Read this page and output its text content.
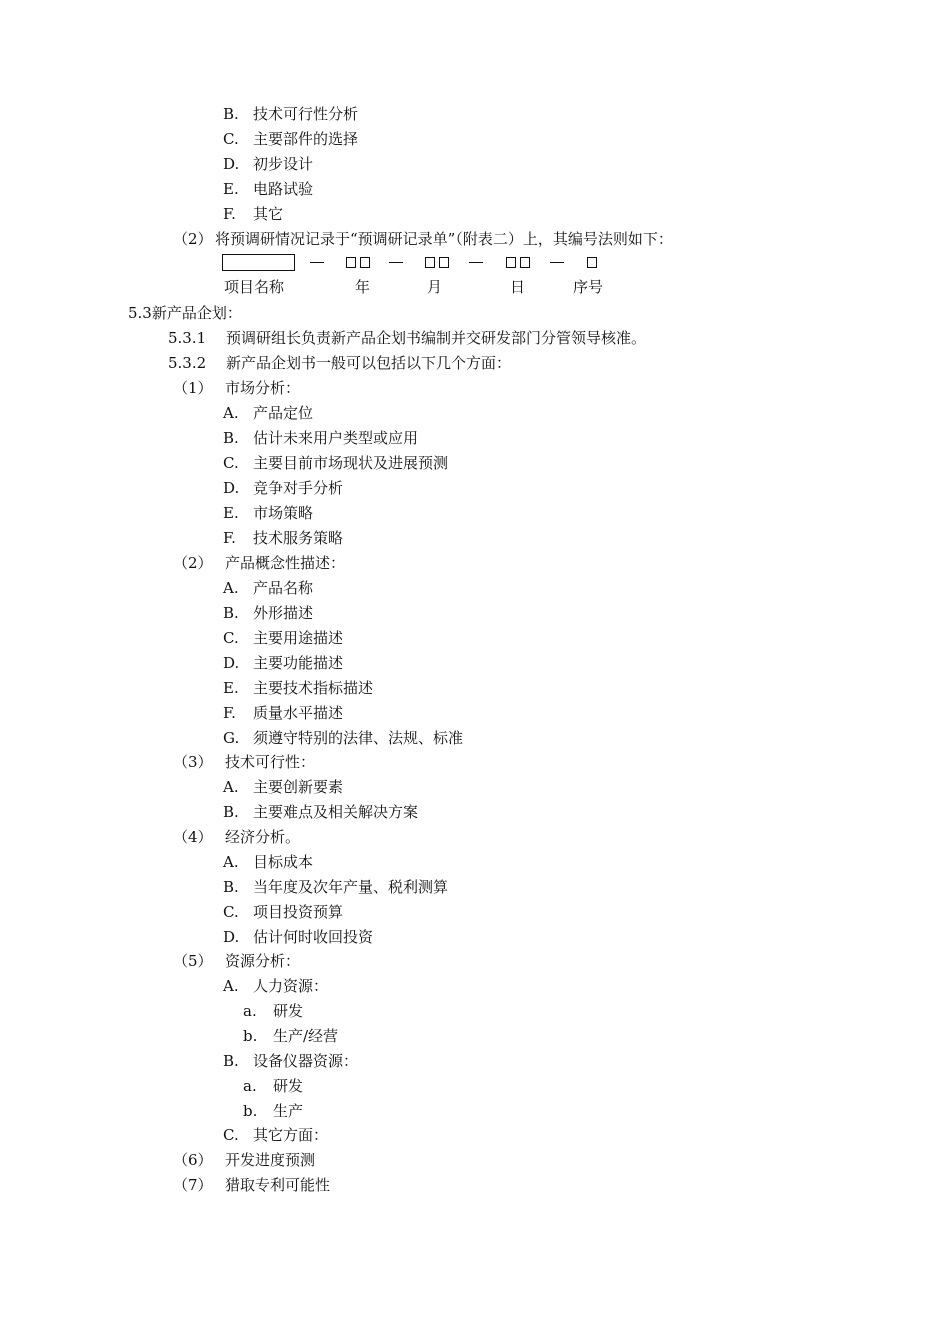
B. 技术可行性分析
C. 主要部件的选择
D. 初步设计
E. 电路试验
F. 其它
（2） 将预调研情况记录于“预调研记录单”（附表二）上，其编号法则如下：
项目名称	年	月	日	序号
5.3新产品企划：
5.3.1 预调研组长负责新产品企划书编制并交研发部门分管领导核准。
5.3.2 新产品企划书一般可以包括以下几个方面：
（1） 市场分析：
A. 产品定位
B. 估计未来用户类型或应用
C. 主要目前市场现状及进展预测
D. 竞争对手分析
E. 市场策略
F. 技术服务策略
（2） 产品概念性描述：
A. 产品名称
B. 外形描述
C. 主要用途描述
D. 主要功能描述
E. 主要技术指标描述
F. 质量水平描述
G. 须遵守特别的法律、法规、标准
（3） 技术可行性：
A. 主要创新要素
B. 主要难点及相关解决方案
（4） 经济分析。
A. 目标成本
B. 当年度及次年产量、税利测算
C. 项目投资预算
D. 估计何时收回投资
（5） 资源分析：
A. 人力资源：
a. 研发
b. 生产/经营
B. 设备仪器资源：
a. 研发
b. 生产
C. 其它方面：
（6） 开发进度预测
（7） 猎取专利可能性
